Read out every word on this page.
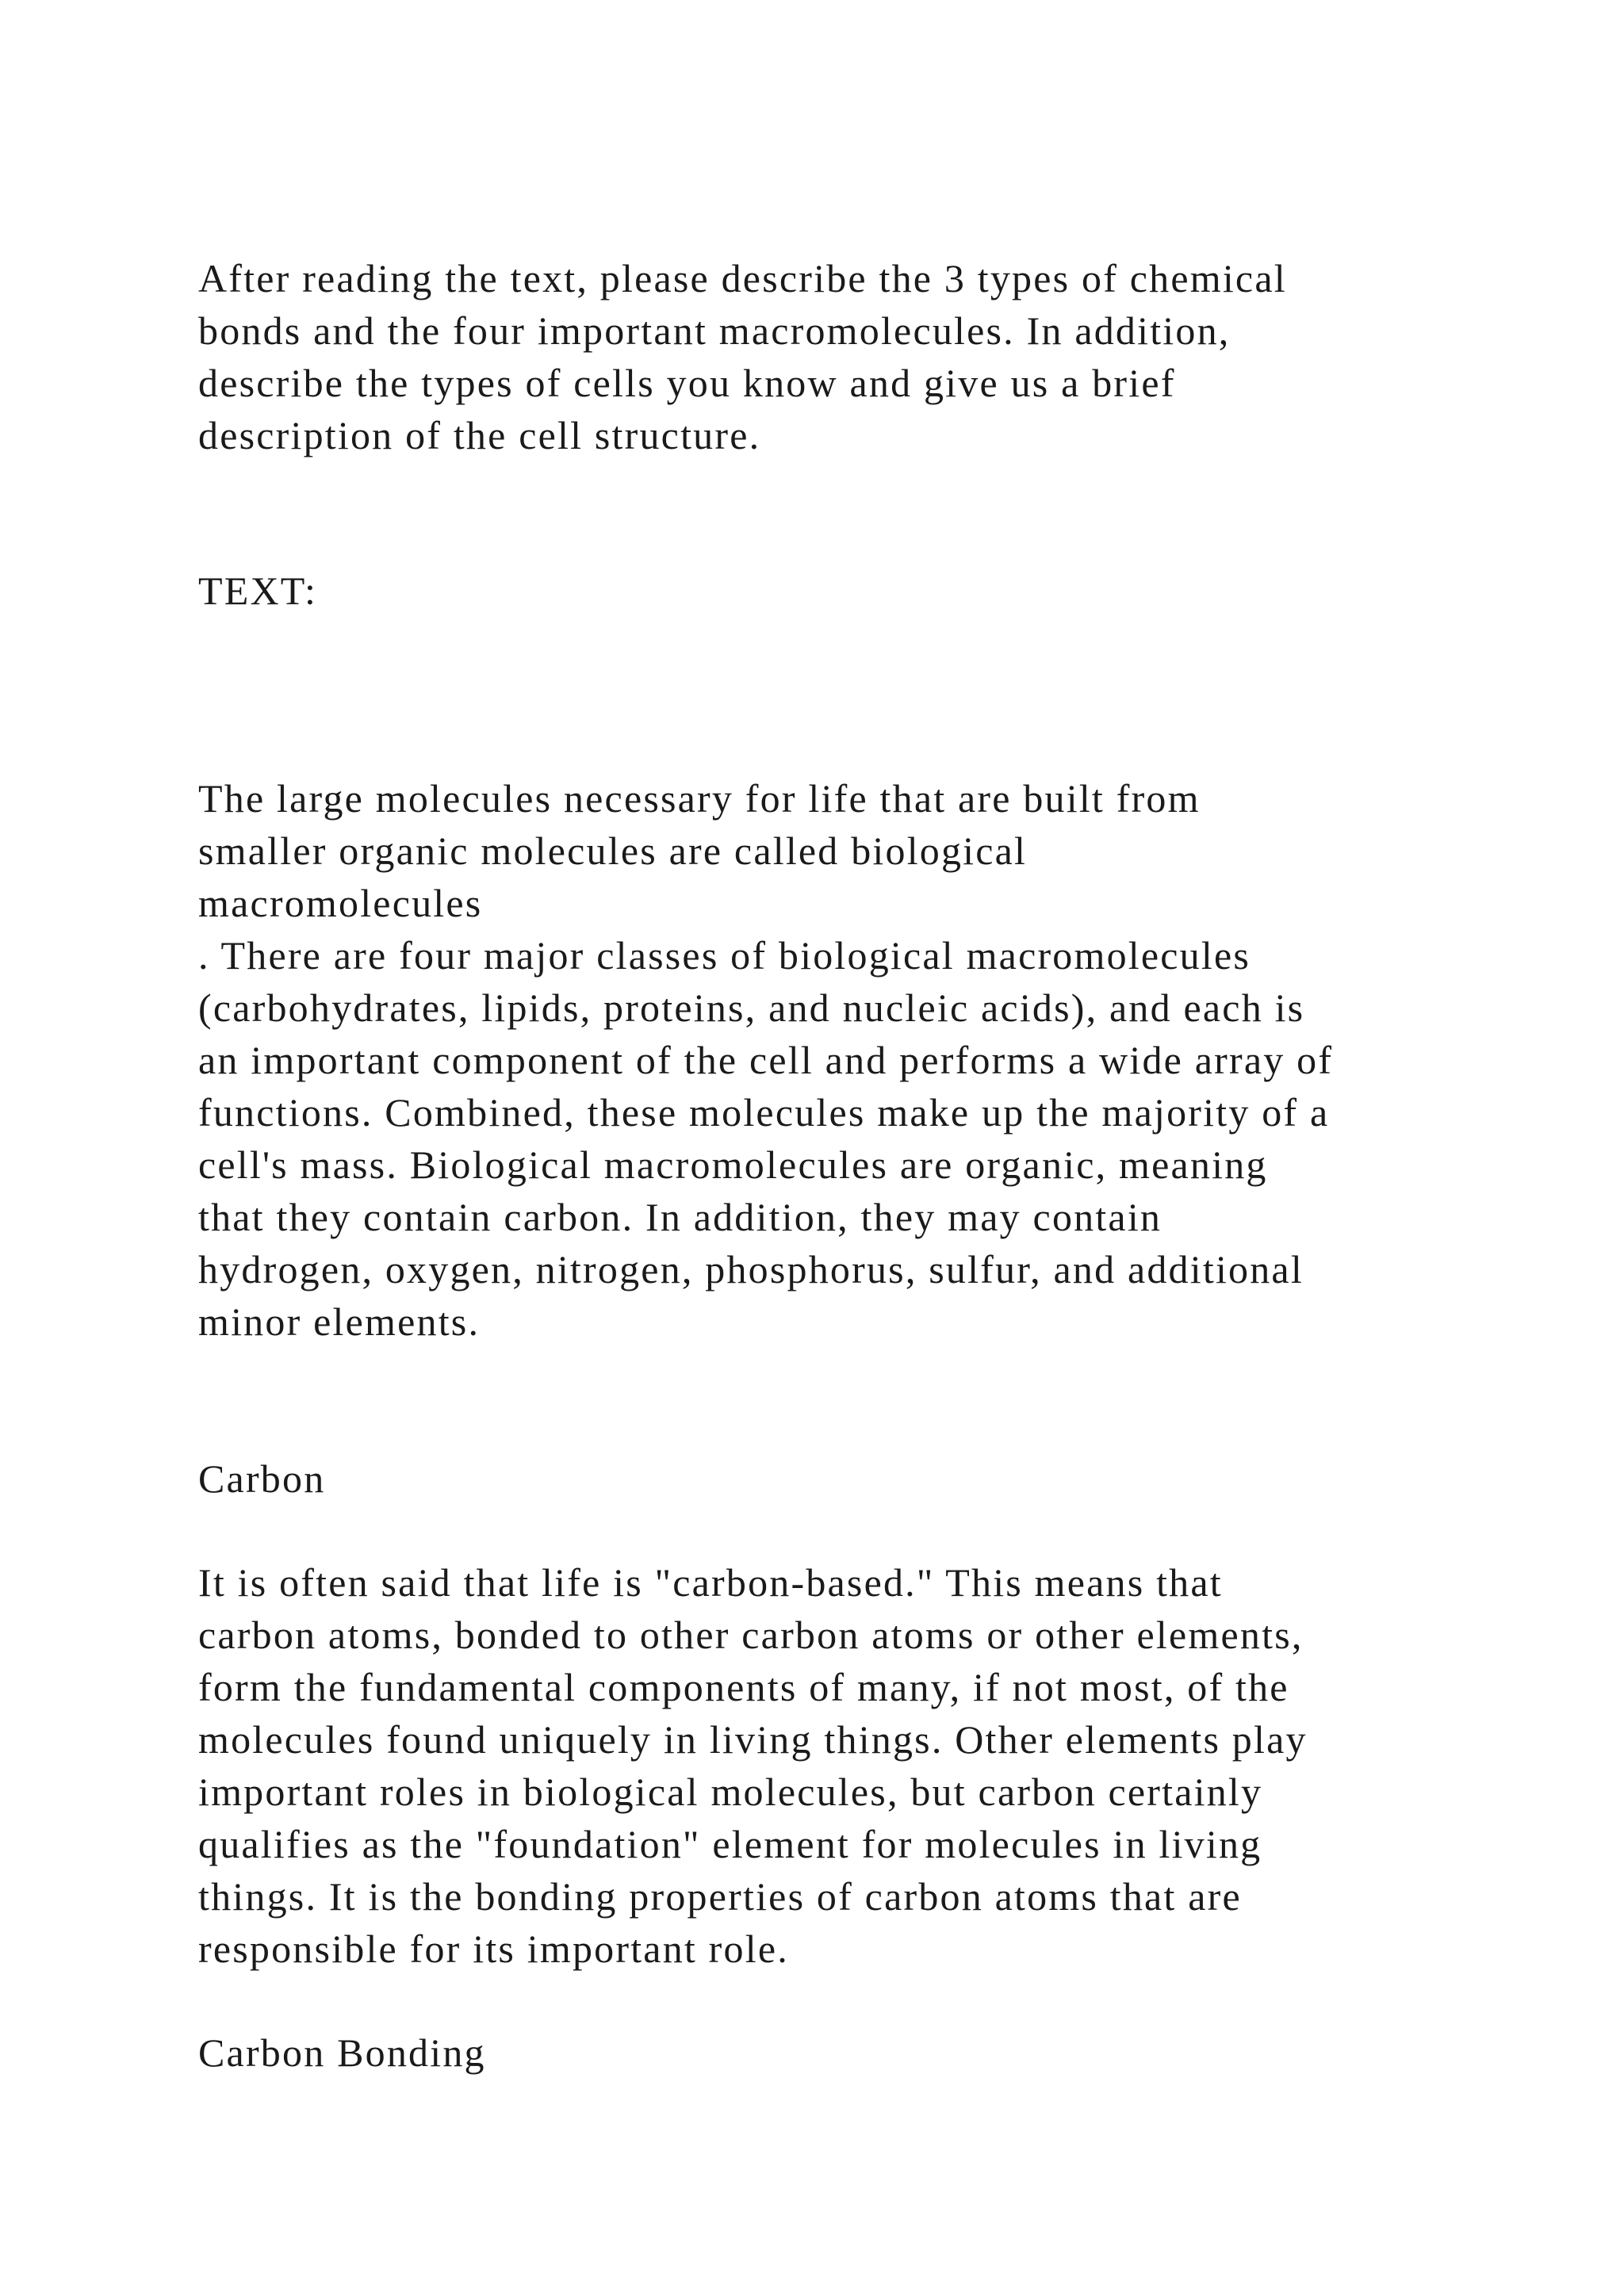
After reading the text, please describe the 3 types of chemical

bonds and the four important macromolecules. In addition,

describe the types of cells you know and give us a brief

description of the cell structure.

TEXT:

The large molecules necessary for life that are built from

smaller organic molecules are called biological

macromolecules

. There are four major classes of biological macromolecules

(carbohydrates, lipids, proteins, and nucleic acids), and each is

an important component of the cell and performs a wide array of

functions. Combined, these molecules make up the majority of a

cell's mass. Biological macromolecules are organic, meaning

that they contain carbon. In addition, they may contain

hydrogen, oxygen, nitrogen, phosphorus, sulfur, and additional

minor elements.

Carbon

It is often said that life is "carbon-based." This means that

carbon atoms, bonded to other carbon atoms or other elements,

form the fundamental components of many, if not most, of the

molecules found uniquely in living things. Other elements play

important roles in biological molecules, but carbon certainly

qualifies as the "foundation" element for molecules in living

things. It is the bonding properties of carbon atoms that are

responsible for its important role.

Carbon Bonding
